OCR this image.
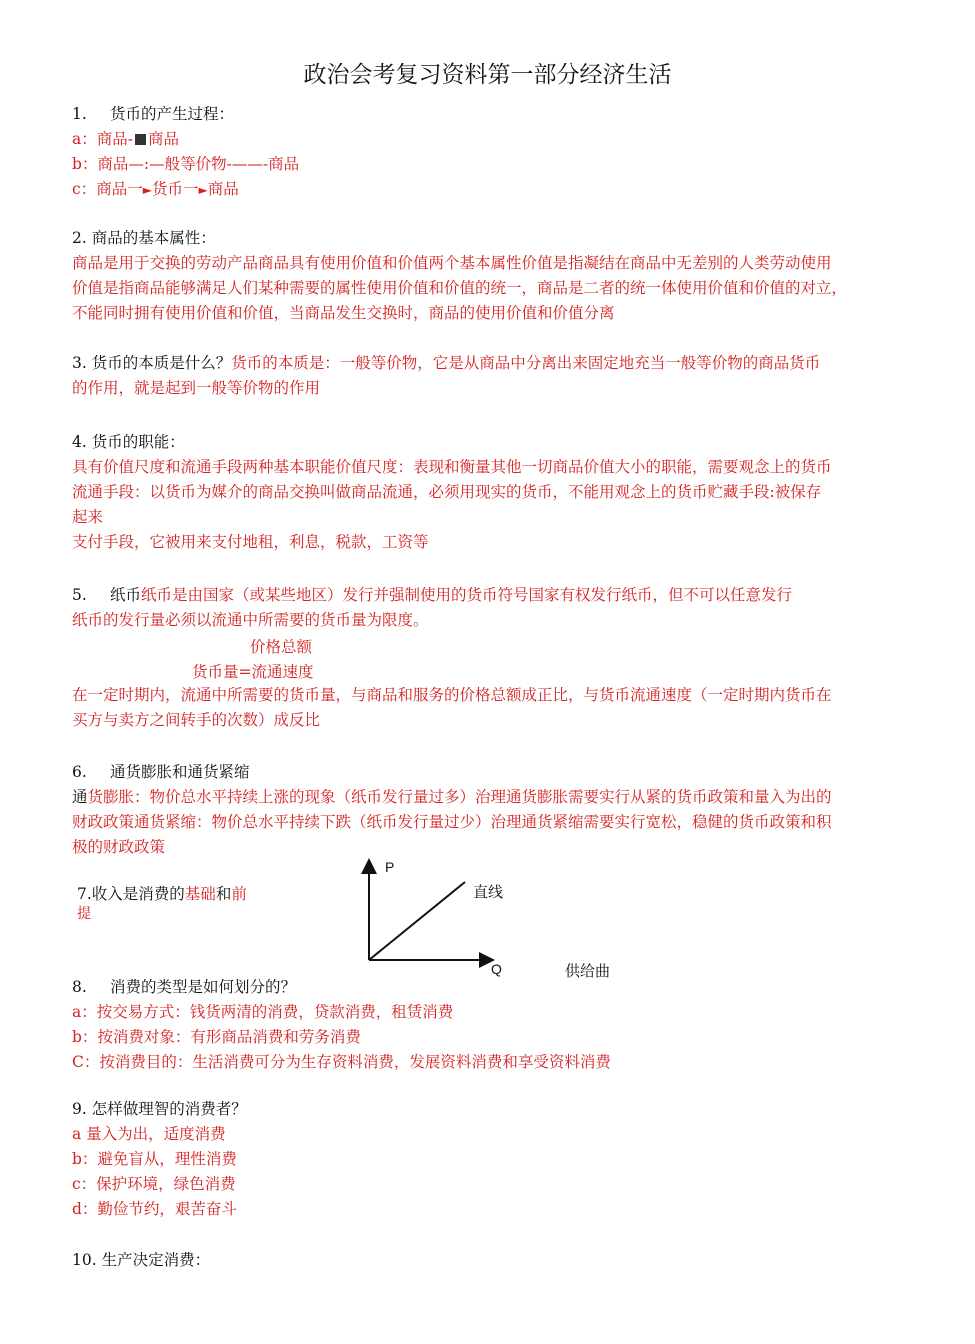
政治会考复习资料第一部分经济生活

1. 货币的产生过程：

a：商品- 商品

b：商品—:—般等价物-——-商品

c：商品一►货币一►商品

2. 商品的基本属性：

商品是用于交换的劳动产品商品具有使用价值和价值两个基本属性价值是指凝结在商品中无差别的人类劳动使用

价值是指商品能够满足人们某种需要的属性使用价值和价值的统一，商品是二者的统一体使用价值和价值的对立，

不能同时拥有使用价值和价值，当商品发生交换时，商品的使用价值和价值分离

3. 货币的本质是什么？货币的本质是：一般等价物，它是从商品中分离出来固定地充当一般等价物的商品货币

的作用，就是起到一般等价物的作用

4. 货币的职能：

具有价值尺度和流通手段两种基本职能价值尺度：表现和衡量其他一切商品价值大小的职能，需要观念上的货币

流通手段：以货币为媒介的商品交换叫做商品流通，必须用现实的货币，不能用观念上的货币贮藏手段:被保存

起来

支付手段，它被用来支付地租，利息，税款，工资等

5. 纸币纸币是由国家（或某些地区）发行并强制使用的货币符号国家有权发行纸币，但不可以任意发行

纸币的发行量必须以流通中所需要的货币量为限度。

价格总额
货币量=流通速度

在一定时期内，流通中所需要的货币量，与商品和服务的价格总额成正比，与货币流通速度（一定时期内货币在

买方与卖方之间转手的次数）成反比

6. 通货膨胀和通货紧缩

通货膨胀：物价总水平持续上涨的现象（纸币发行量过多）治理通货膨胀需要实行从紧的货币政策和量入为出的

财政政策通货紧缩：物价总水平持续下跌（纸币发行量过少）治理通货紧缩需要实行宽松，稳健的货币政策和积

极的财政政策

7.收入是消费的基础和前
提
P
直线
Q	供给曲

8. 消费的类型是如何划分的？

a：按交易方式：钱货两清的消费，贷款消费，租赁消费

b：按消费对象：有形商品消费和劳务消费

C：按消费目的：生活消费可分为生存资料消费，发展资料消费和享受资料消费

9. 怎样做理智的消费者？

a 量入为出，适度消费

b：避免盲从，理性消费

c：保护环境，绿色消费

d：勤俭节约，艰苦奋斗

10. 生产决定消费：
